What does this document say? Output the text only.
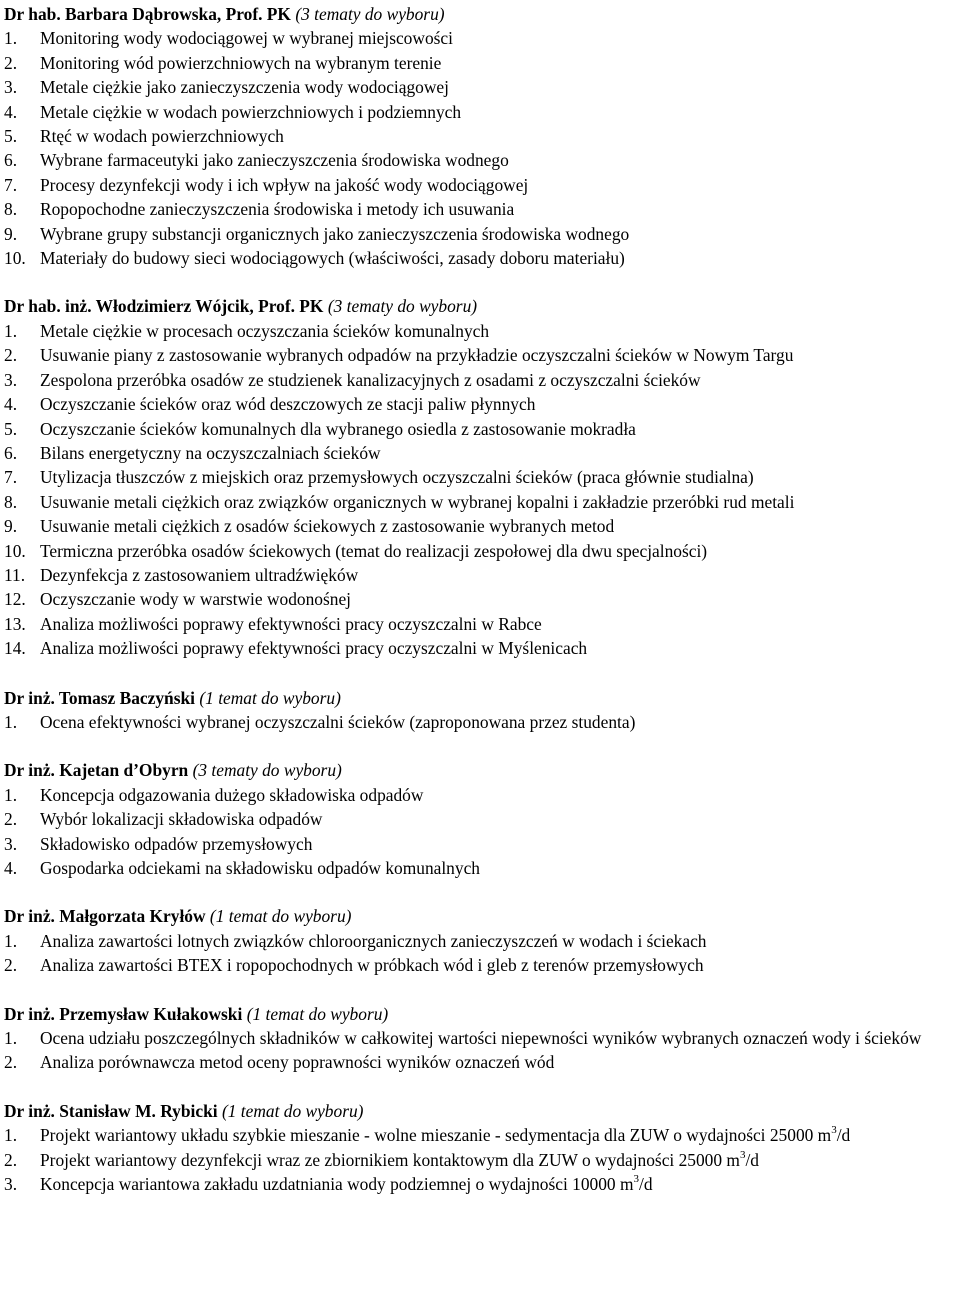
Dr hab. Barbara Dąbrowska, Prof. PK (3 tematy do wyboru)
1. Monitoring wody wodociągowej w wybranej miejscowości
2. Monitoring wód powierzchniowych na wybranym terenie
3. Metale ciężkie jako zanieczyszczenia wody wodociągowej
4. Metale ciężkie w wodach powierzchniowych i podziemnych
5. Rtęć w wodach powierzchniowych
6. Wybrane farmaceutyki jako zanieczyszczenia środowiska wodnego
7. Procesy dezynfekcji wody i ich wpływ na jakość wody wodociągowej
8. Ropopochodne zanieczyszczenia środowiska i metody ich usuwania
9. Wybrane grupy substancji organicznych jako zanieczyszczenia środowiska wodnego
10. Materiały do budowy sieci wodociągowych (właściwości, zasady doboru materiału)
Dr hab. inż. Włodzimierz Wójcik, Prof. PK (3 tematy do wyboru)
1. Metale ciężkie w procesach oczyszczania ścieków komunalnych
2. Usuwanie piany z zastosowanie wybranych odpadów na przykładzie oczyszczalni ścieków w Nowym Targu
3. Zespolona przeróbka osadów ze studzienek kanalizacyjnych z osadami z oczyszczalni ścieków
4. Oczyszczanie ścieków oraz wód deszczowych ze stacji paliw płynnych
5. Oczyszczanie ścieków komunalnych dla wybranego osiedla z zastosowanie mokradła
6. Bilans energetyczny na oczyszczalniach ścieków
7. Utylizacja tłuszczów z miejskich oraz przemysłowych oczyszczalni ścieków (praca głównie studialna)
8. Usuwanie metali ciężkich oraz związków organicznych w wybranej kopalni i zakładzie przeróbki rud metali
9. Usuwanie metali ciężkich z osadów ściekowych z zastosowanie wybranych metod
10. Termiczna przeróbka osadów ściekowych (temat do realizacji zespołowej dla dwu specjalności)
11. Dezynfekcja z zastosowaniem ultradźwięków
12. Oczyszczanie wody w warstwie wodonośnej
13. Analiza możliwości poprawy efektywności pracy oczyszczalni w Rabce
14. Analiza możliwości poprawy efektywności pracy oczyszczalni w Myślenicach
Dr inż. Tomasz Baczyński (1 temat do wyboru)
1. Ocena efektywności wybranej oczyszczalni ścieków (zaproponowana przez studenta)
Dr inż. Kajetan d’Obyrn (3 tematy do wyboru)
1. Koncepcja odgazowania dużego składowiska odpadów
2. Wybór lokalizacji składowiska odpadów
3. Składowisko odpadów przemysłowych
4. Gospodarka odciekami na składowisku odpadów komunalnych
Dr inż. Małgorzata Kryłów (1 temat do wyboru)
1. Analiza zawartości lotnych związków chloroorganicznych zanieczyszczeń w wodach i ściekach
2. Analiza zawartości BTEX i ropopochodnych w próbkach wód i gleb z terenów przemysłowych
Dr inż. Przemysław Kułakowski (1 temat do wyboru)
1. Ocena udziału poszczególnych składników w całkowitej wartości niepewności wyników wybranych oznaczeń wody i ścieków
2. Analiza porównawcza metod oceny poprawności wyników oznaczeń wód
Dr inż. Stanisław M. Rybicki (1 temat do wyboru)
1. Projekt wariantowy układu szybkie mieszanie - wolne mieszanie - sedymentacja dla ZUW o wydajności 25000 $m^3/d$
2. Projekt wariantowy dezynfekcji wraz ze zbiornikiem kontaktowym dla ZUW o wydajności 25000 $m^3/d$
3. Koncepcja wariantowa zakładu uzdatniania wody podziemnej o wydajności 10000 $m^3/d$
